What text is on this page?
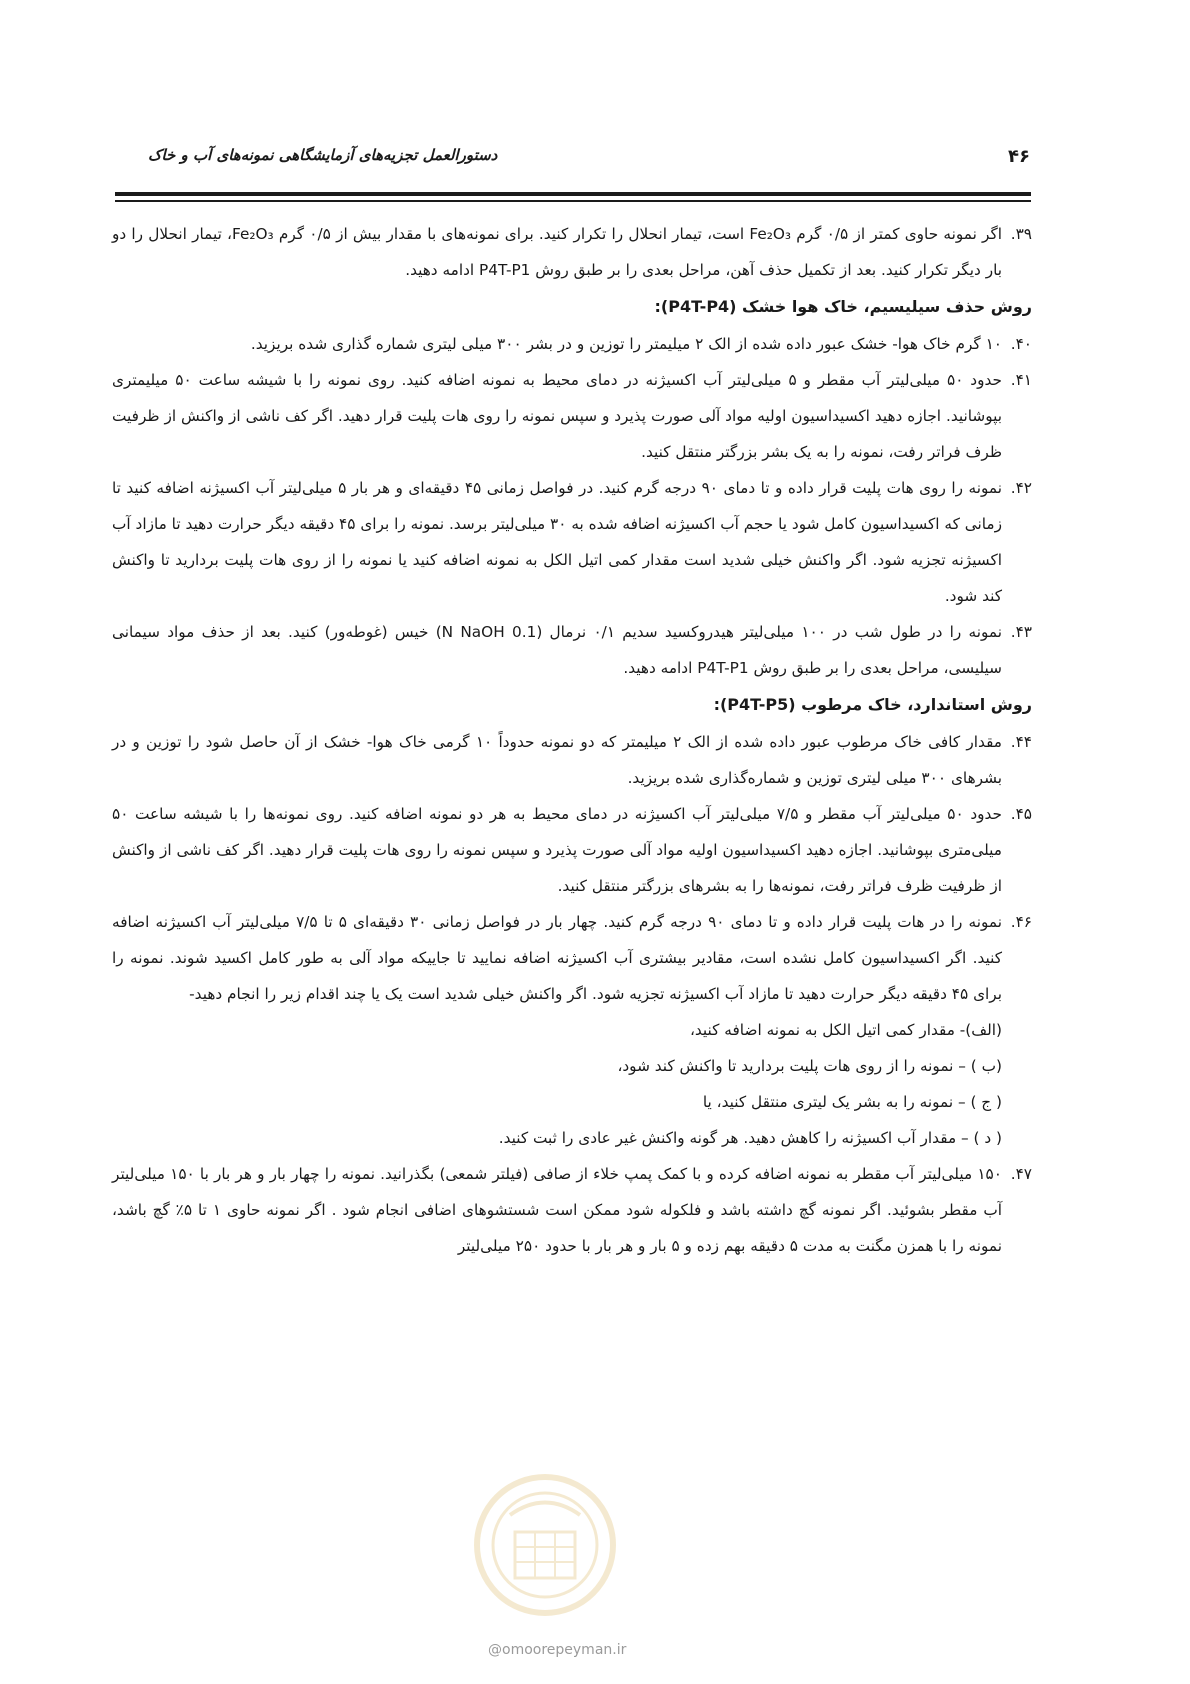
۴۶
دستورالعمل تجزیه‌های آزمایشگاهی نمونه‌های آب و خاک

۳۹.
اگر نمونه حاوی کمتر از ۰/۵ گرم Fe₂O₃ است، تیمار انحلال را تکرار کنید. برای نمونه‌های با مقدار بیش از ۰/۵ گرم Fe₂O₃، تیمار انحلال را دو بار دیگر تکرار کنید. بعد از تکمیل حذف آهن، مراحل بعدی را بر طبق روش P4T-P1 ادامه دهید.

روش حذف سیلیسیم، خاک هوا خشک (P4T-P4):

۴۰.
۱۰ گرم خاک هوا- خشک عبور داده شده از الک ۲ میلیمتر را توزین و در بشر ۳۰۰ میلی لیتری شماره گذاری شده بریزید.

۴۱.
حدود ۵۰ میلی‌لیتر آب مقطر و ۵ میلی‌لیتر آب اکسیژنه در دمای محیط به نمونه اضافه کنید. روی نمونه را با شیشه ساعت ۵۰ میلیمتری بپوشانید. اجازه دهید اکسیداسیون اولیه مواد آلی صورت پذیرد و سپس نمونه را روی هات پلیت قرار دهید. اگر کف ناشی از واکنش از ظرفیت ظرف فراتر رفت، نمونه را به یک بشر بزرگتر منتقل کنید.

۴۲.
نمونه را روی هات پلیت قرار داده و تا دمای ۹۰ درجه گرم کنید. در فواصل زمانی ۴۵ دقیقه‌ای و هر بار ۵ میلی‌لیتر آب اکسیژنه اضافه کنید تا زمانی که اکسیداسیون کامل شود یا حجم آب اکسیژنه اضافه شده به ۳۰ میلی‌لیتر برسد. نمونه را برای ۴۵ دقیقه دیگر حرارت دهید تا مازاد آب اکسیژنه تجزیه شود. اگر واکنش خیلی شدید است مقدار کمی اتیل الکل به نمونه اضافه کنید یا نمونه را از روی هات پلیت بردارید تا واکنش کند شود.

۴۳.
نمونه را در طول شب در ۱۰۰ میلی‌لیتر هیدروکسید سدیم ۰/۱ نرمال (0.1 N NaOH) خیس (غوطه‌ور) کنید. بعد از حذف مواد سیمانی سیلیسی، مراحل بعدی را بر طبق روش P4T-P1 ادامه دهید.

روش استاندارد، خاک مرطوب (P4T-P5):

۴۴.
مقدار کافی خاک مرطوب عبور داده شده از الک ۲ میلیمتر که دو نمونه حدوداً ۱۰ گرمی خاک هوا- خشک از آن حاصل شود را توزین و در بشرهای ۳۰۰ میلی لیتری توزین و شماره‌گذاری شده بریزید.

۴۵.
حدود ۵۰ میلی‌لیتر آب مقطر و ۷/۵ میلی‌لیتر آب اکسیژنه در دمای محیط به هر دو نمونه اضافه کنید. روی نمونه‌ها را با شیشه ساعت ۵۰ میلی‌متری بپوشانید. اجازه دهید اکسیداسیون اولیه مواد آلی صورت پذیرد و سپس نمونه را روی هات پلیت قرار دهید. اگر کف ناشی از واکنش از ظرفیت ظرف فراتر رفت، نمونه‌ها را به بشرهای بزرگتر منتقل کنید.

۴۶.
نمونه را در هات پلیت قرار داده و تا دمای ۹۰ درجه گرم کنید. چهار بار در فواصل زمانی ۳۰ دقیقه‌ای ۵ تا ۷/۵ میلی‌لیتر آب اکسیژنه اضافه کنید. اگر اکسیداسیون کامل نشده است، مقادیر بیشتری آب اکسیژنه اضافه نمایید تا جاییکه مواد آلی به طور کامل اکسید شوند. نمونه را برای ۴۵ دقیقه دیگر حرارت دهید تا مازاد آب اکسیژنه تجزیه شود. اگر واکنش خیلی شدید است یک یا چند اقدام زیر را انجام دهید-

(الف)- مقدار کمی اتیل الکل به نمونه اضافه کنید،

(ب ) – نمونه را از روی هات پلیت بردارید تا واکنش کند شود،

( ج ) – نمونه را به بشر یک لیتری منتقل کنید، یا

( د ) – مقدار آب اکسیژنه را کاهش دهید. هر گونه واکنش غیر عادی را ثبت کنید.

۴۷.
۱۵۰ میلی‌لیتر آب مقطر به نمونه اضافه کرده و با کمک پمپ خلاء از صافی (فیلتر شمعی) بگذرانید. نمونه را چهار بار و هر بار با ۱۵۰ میلی‌لیتر آب مقطر بشوئید. اگر نمونه گچ داشته باشد و فلکوله شود ممکن است شستشوهای اضافی انجام شود . اگر نمونه حاوی ۱ تا ۵٪ گچ باشد، نمونه را با همزن مگنت به مدت ۵ دقیقه بهم زده و ۵ بار و هر بار با حدود ۲۵۰ میلی‌لیتر

@omoorepeyman.ir
